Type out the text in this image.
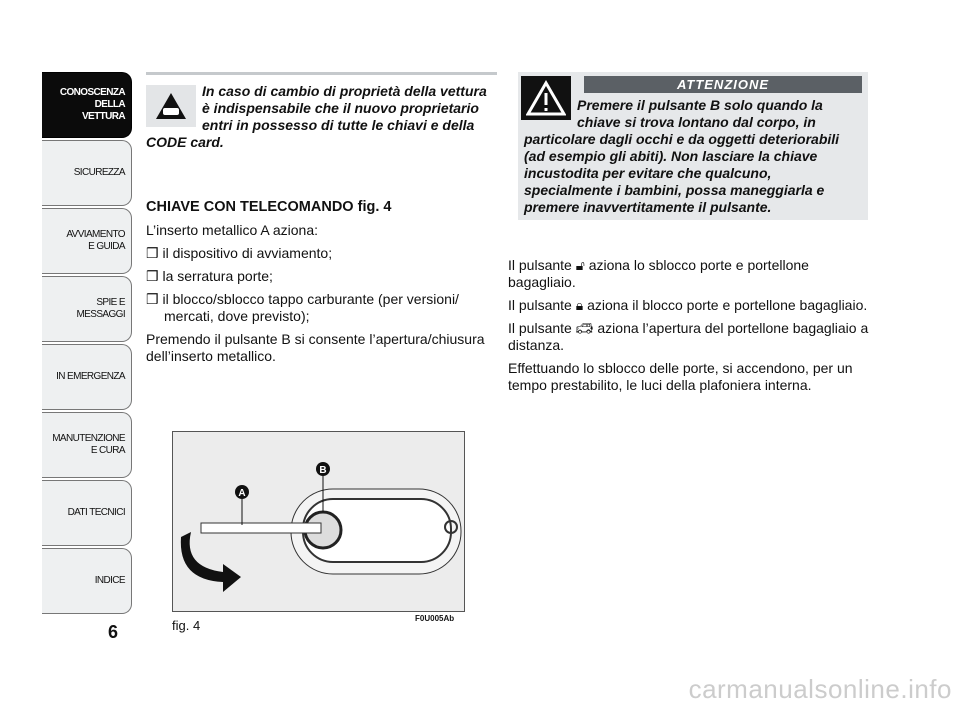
CONOSCENZA
DELLA
VETTURA
SICUREZZA
AVVIAMENTO
E GUIDA
SPIE E
MESSAGGI
IN EMERGENZA
MANUTENZIONE
E CURA
DATI TECNICI
INDICE
6
In caso di cambio di proprietà della vettura è indispensabile che il nuovo proprietario entri in possesso di tutte le chiavi e della CODE card.
CHIAVE CON TELECOMANDO fig. 4

L’inserto metallico A aziona:

❒ il dispositivo di avviamento;

❒ la serratura porte;

❒ il blocco/sblocco tappo carburante (per versioni/ mercati, dove previsto);

Premendo il pulsante B si consente l’apertura/chiusura dell’inserto metallico.

ATTENZIONE
Premere il pulsante B solo quando la chiave si trova lontano dal corpo, in particolare dagli occhi e da oggetti deteriorabili (ad esempio gli abiti). Non lasciare la chiave incustodita per evitare che qualcuno, specialmente i bambini, possa maneggiarla e premere inavvertitamente il pulsante.

Il pulsante 🔓︎ aziona lo sblocco porte e portellone bagagliaio.

Il pulsante 🔒︎ aziona il blocco porte e portellone bagagliaio.

Il pulsante 🚙︎ aziona l’apertura del portellone bagagliaio a distanza.

Effettuando lo sblocco delle porte, si accendono, per un tempo prestabilito, le luci della plafoniera interna.

A
B
fig. 4	F0U005Ab
carmanualsonline.info
